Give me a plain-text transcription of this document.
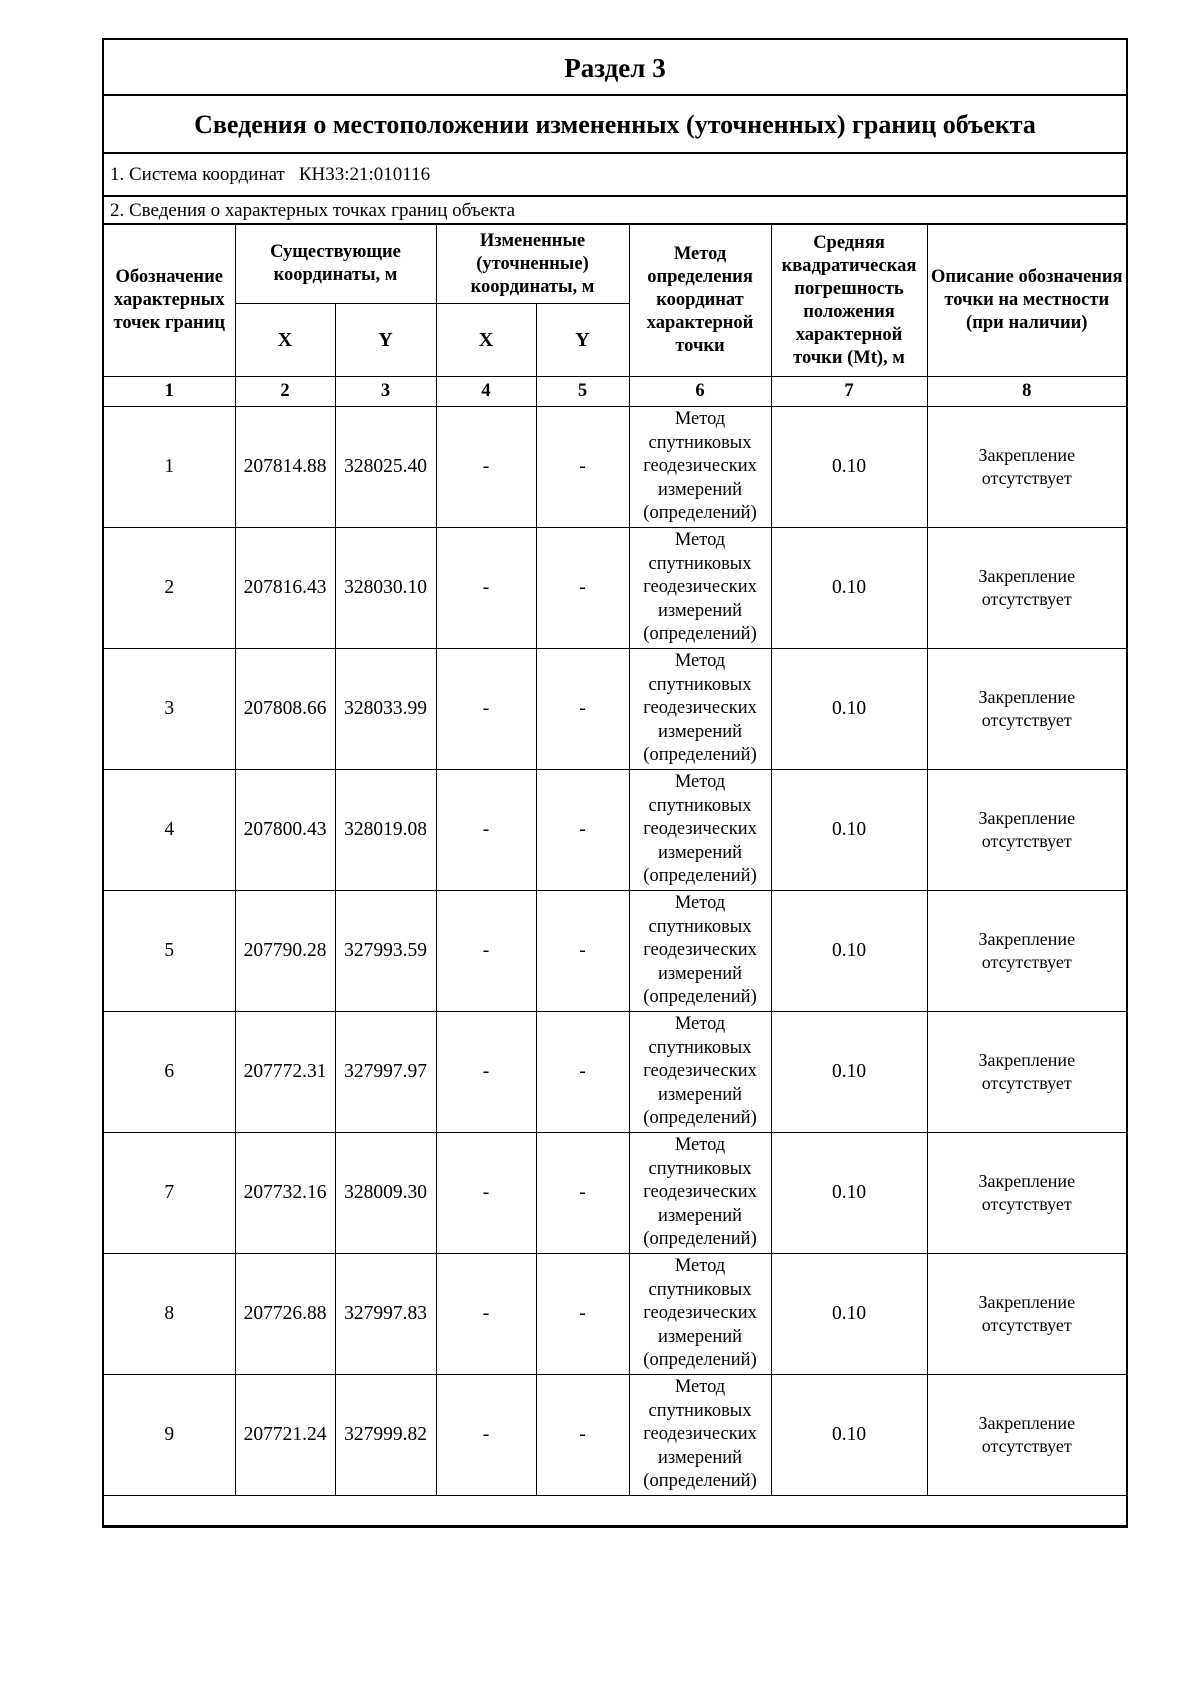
Раздел 3
Сведения о местоположении измененных (уточненных) границ объекта
1. Система координат КН33:21:010116
2. Сведения о характерных точках границ объекта
Обозначение характерных точек границ	Существующие координаты, м		Измененные (уточненные) координаты, м		Метод определения координат характерной точки	Средняя квадратическая погрешность положения характерной точки (Mt), м	Описание обозначения точки на местности (при наличии)
	X	Y	X	Y			
1	2	3	4	5	6	7	8
1	207814.88	328025.40	-	-	Метод
спутниковых
геодезических
измерений
(определений)	0.10	Закрепление
отсутствует
2	207816.43	328030.10	-	-	Метод
спутниковых
геодезических
измерений
(определений)	0.10	Закрепление
отсутствует
3	207808.66	328033.99	-	-	Метод
спутниковых
геодезических
измерений
(определений)	0.10	Закрепление
отсутствует
4	207800.43	328019.08	-	-	Метод
спутниковых
геодезических
измерений
(определений)	0.10	Закрепление
отсутствует
5	207790.28	327993.59	-	-	Метод
спутниковых
геодезических
измерений
(определений)	0.10	Закрепление
отсутствует
6	207772.31	327997.97	-	-	Метод
спутниковых
геодезических
измерений
(определений)	0.10	Закрепление
отсутствует
7	207732.16	328009.30	-	-	Метод
спутниковых
геодезических
измерений
(определений)	0.10	Закрепление
отсутствует
8	207726.88	327997.83	-	-	Метод
спутниковых
геодезических
измерений
(определений)	0.10	Закрепление
отсутствует
9	207721.24	327999.82	-	-	Метод
спутниковых
геодезических
измерений
(определений)	0.10	Закрепление
отсутствует
